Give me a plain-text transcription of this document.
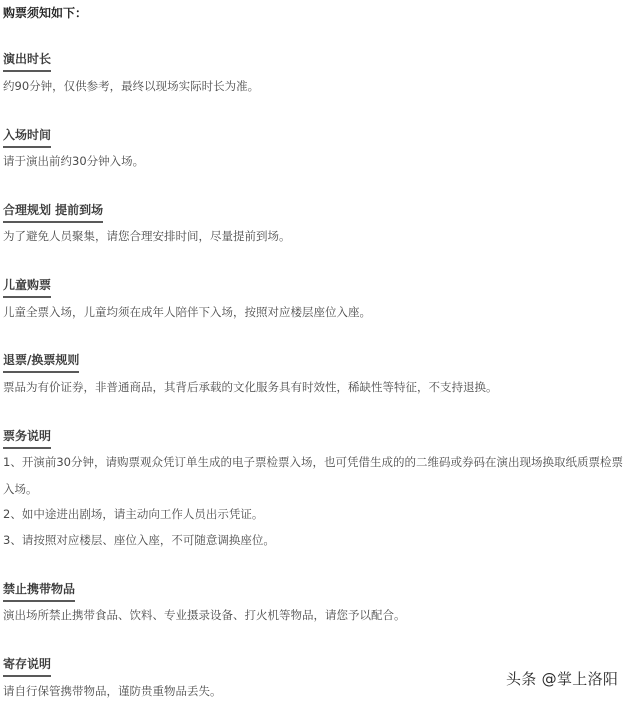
购票须知如下：

演出时长

约90分钟，仅供参考，最终以现场实际时长为准。

入场时间

请于演出前约30分钟入场。

合理规划 提前到场

为了避免人员聚集，请您合理安排时间，尽量提前到场。

儿童购票

儿童全票入场，儿童均须在成年人陪伴下入场，按照对应楼层座位入座。

退票/换票规则

票品为有价证券，非普通商品，其背后承载的文化服务具有时效性，稀缺性等特征，不支持退换。

票务说明

1、开演前30分钟，请购票观众凭订单生成的电子票检票入场，也可凭借生成的的二维码或券码在演出现场换取纸质票检票

入场。

2、如中途进出剧场，请主动向工作人员出示凭证。

3、请按照对应楼层、座位入座，不可随意调换座位。

禁止携带物品

演出场所禁止携带食品、饮料、专业摄录设备、打火机等物品，请您予以配合。

寄存说明

请自行保管携带物品，谨防贵重物品丢失。

头条 @掌上洛阳
